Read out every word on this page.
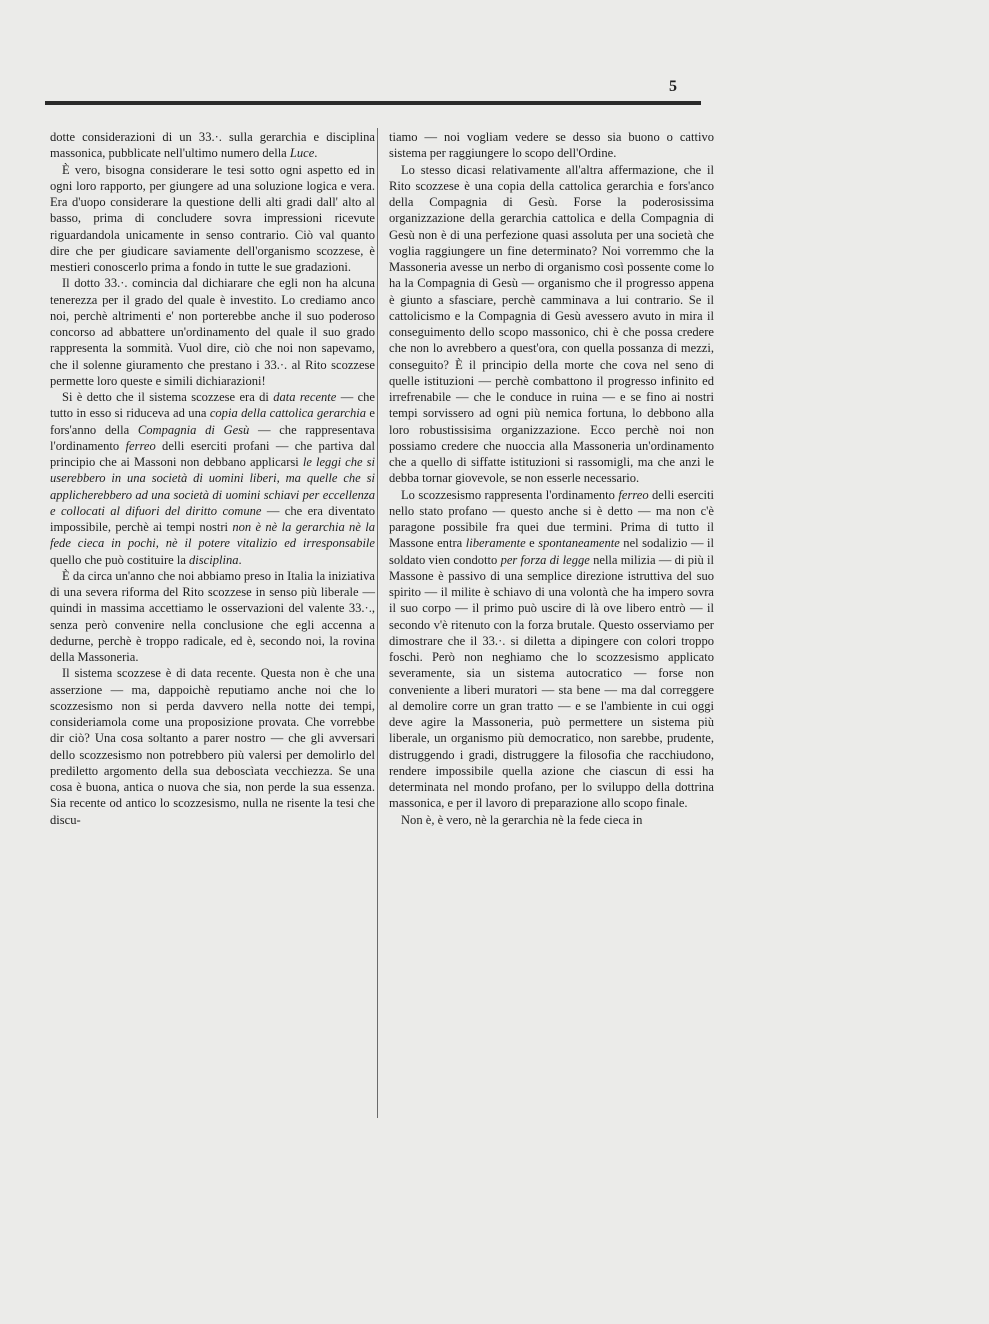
5

dotte considerazioni di un 33.·. sulla gerarchia e disciplina massonica, pubblicate nell'ultimo numero della Luce.

È vero, bisogna considerare le tesi sotto ogni aspetto ed in ogni loro rapporto, per giungere ad una soluzione logica e vera. Era d'uopo considerare la questione delli alti gradi dall' alto al basso, prima di concludere sovra impressioni ricevute riguardandola unicamente in senso contrario. Ciò val quanto dire che per giudicare saviamente dell'organismo scozzese, è mestieri conoscerlo prima a fondo in tutte le sue gradazioni.

Il dotto 33.·. comincia dal dichiarare che egli non ha alcuna tenerezza per il grado del quale è investito. Lo crediamo anco noi, perchè altrimenti e' non porterebbe anche il suo poderoso concorso ad abbattere un'ordinamento del quale il suo grado rappresenta la sommità. Vuol dire, ciò che noi non sapevamo, che il solenne giuramento che prestano i 33.·. al Rito scozzese permette loro queste e simili dichiarazioni!

Si è detto che il sistema scozzese era di data recente — che tutto in esso si riduceva ad una copia della cattolica gerarchia e fors'anno della Compagnia di Gesù — che rappresentava l'ordinamento ferreo delli eserciti profani — che partiva dal principio che ai Massoni non debbano applicarsi le leggi che si userebbero in una società di uomini liberi, ma quelle che si applicherebbero ad una società di uomini schiavi per eccellenza e collocati al difuori del diritto comune — che era diventato impossibile, perchè ai tempi nostri non è nè la gerarchia nè la fede cieca in pochi, nè il potere vitalizio ed irresponsabile quello che può costituire la disciplina.

È da circa un'anno che noi abbiamo preso in Italia la iniziativa di una severa riforma del Rito scozzese in senso più liberale — quindi in massima accettiamo le osservazioni del valente 33.·., senza però convenire nella conclusione che egli accenna a dedurne, perchè è troppo radicale, ed è, secondo noi, la rovina della Massoneria.

Il sistema scozzese è di data recente. Questa non è che una asserzione — ma, dappoichè reputiamo anche noi che lo scozzesismo non si perda davvero nella notte dei tempi, consideriamola come una proposizione provata. Che vorrebbe dir ciò? Una cosa soltanto a parer nostro — che gli avversari dello scozzesismo non potrebbero più valersi per demolirlo del prediletto argomento della sua deboscìata vecchiezza. Se una cosa è buona, antica o nuova che sia, non perde la sua essenza. Sia recente od antico lo scozzesismo, nulla ne risente la tesi che discu-

tiamo — noi vogliam vedere se desso sia buono o cattivo sistema per raggiungere lo scopo dell'Ordine.

Lo stesso dicasi relativamente all'altra affermazione, che il Rito scozzese è una copia della cattolica gerarchia e fors'anco della Compagnia di Gesù. Forse la poderosissima organizzazione della gerarchia cattolica e della Compagnia di Gesù non è di una perfezione quasi assoluta per una società che voglia raggiungere un fine determinato? Noi vorremmo che la Massoneria avesse un nerbo di organismo così possente come lo ha la Compagnia di Gesù — organismo che il progresso appena è giunto a sfasciare, perchè camminava a lui contrario. Se il cattolicismo e la Compagnia di Gesù avessero avuto in mira il conseguimento dello scopo massonico, chi è che possa credere che non lo avrebbero a quest'ora, con quella possanza di mezzi, conseguito? È il principio della morte che cova nel seno di quelle istituzioni — perchè combattono il progresso infinito ed irrefrenabile — che le conduce in ruina — e se fino ai nostri tempi sorvissero ad ogni più nemica fortuna, lo debbono alla loro robustissisima organizzazione. Ecco perchè noi non possiamo credere che nuoccia alla Massoneria un'ordinamento che a quello di siffatte istituzioni si rassomigli, ma che anzi le debba tornar giovevole, se non esserle necessario.

Lo scozzesismo rappresenta l'ordinamento ferreo delli eserciti nello stato profano — questo anche si è detto — ma non c'è paragone possibile fra quei due termini. Prima di tutto il Massone entra liberamente e spontaneamente nel sodalizio — il soldato vien condotto per forza di legge nella milizia — di più il Massone è passivo di una semplice direzione istruttiva del suo spirito — il milite è schiavo di una volontà che ha impero sovra il suo corpo — il primo può uscire di là ove libero entrò — il secondo v'è ritenuto con la forza brutale. Questo osserviamo per dimostrare che il 33.·. si diletta a dipingere con colori troppo foschi. Però non neghiamo che lo scozzesismo applicato severamente, sia un sistema autocratico — forse non conveniente a liberi muratori — sta bene — ma dal correggere al demolire corre un gran tratto — e se l'ambiente in cui oggi deve agire la Massoneria, può permettere un sistema più liberale, un organismo più democratico, non sarebbe, prudente, distruggendo i gradi, distruggere la filosofia che racchiudono, rendere impossibile quella azione che ciascun di essi ha determinata nel mondo profano, per lo sviluppo della dottrina massonica, e per il lavoro di preparazione allo scopo finale.

Non è, è vero, nè la gerarchia nè la fede cieca in
